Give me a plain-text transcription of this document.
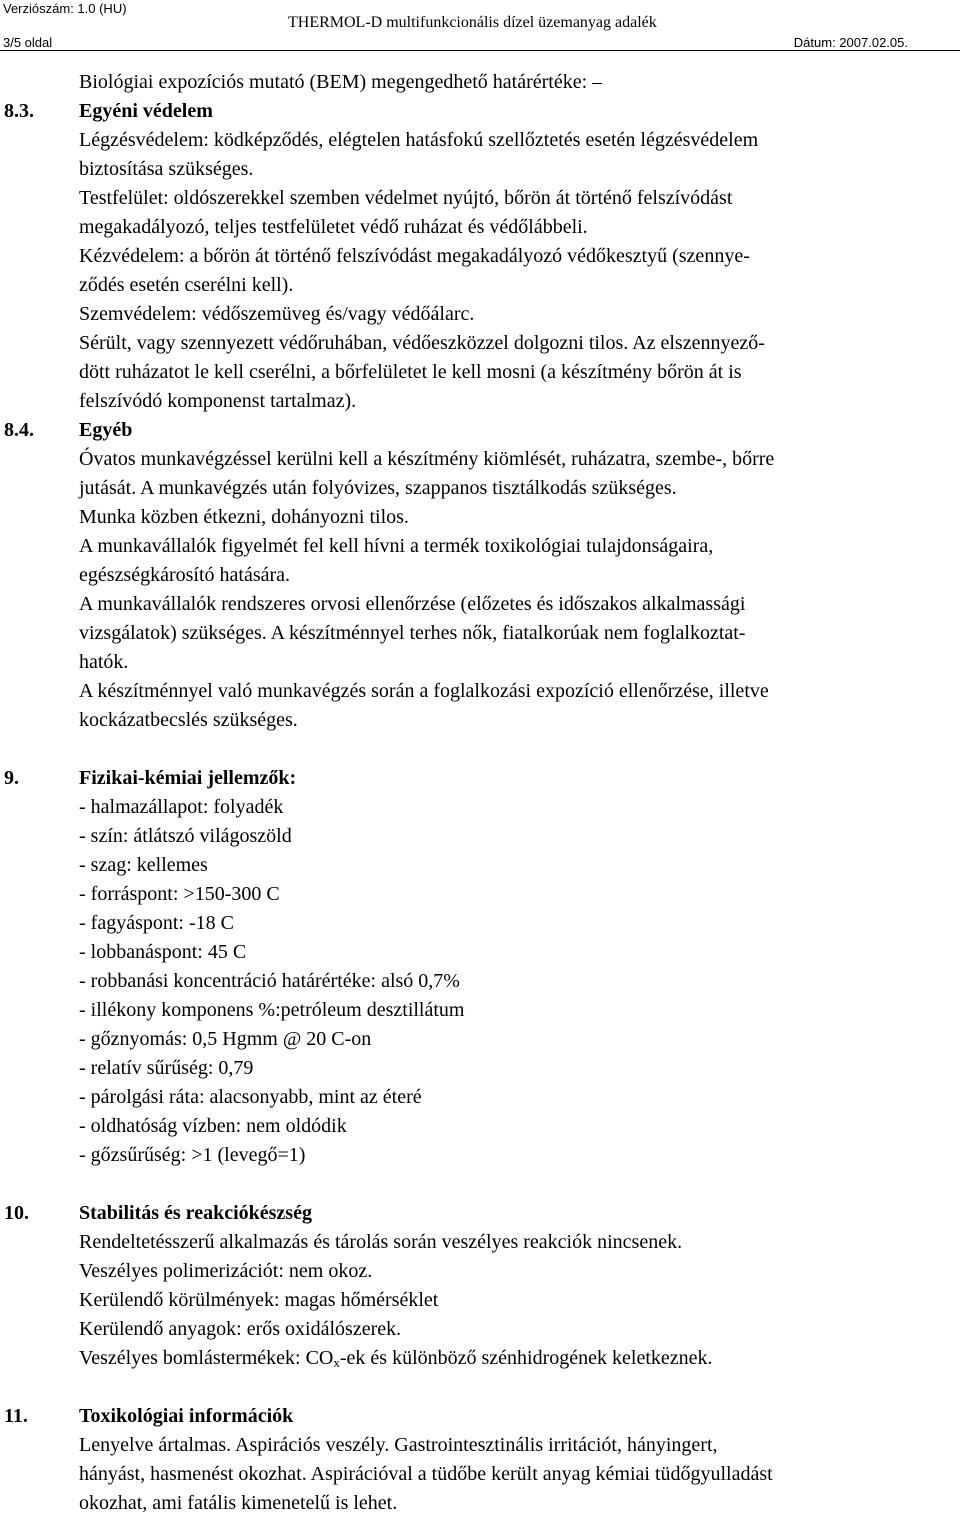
Verziószám: 1.0 (HU)
THERMOL-D multifunkcionális dízel üzemanyag adalék
3/5 oldal	Dátum: 2007.02.05.

Biológiai expozíciós mutató (BEM) megengedhető határértéke: –

8.3. Egyéni védelem

Légzésvédelem: ködképződés, elégtelen hatásfokú szellőztetés esetén légzésvédelem

biztosítása szükséges.

Testfelület: oldószerekkel szemben védelmet nyújtó, bőrön át történő felszívódást

megakadályozó, teljes testfelületet védő ruházat és védőlábbeli.

Kézvédelem: a bőrön át történő felszívódást megakadályozó védőkesztyű (szennye-

ződés esetén cserélni kell).

Szemvédelem: védőszemüveg és/vagy védőálarc.

Sérült, vagy szennyezett védőruhában, védőeszközzel dolgozni tilos. Az elszennyező-

dött ruházatot le kell cserélni, a bőrfelületet le kell mosni (a készítmény bőrön át is

felszívódó komponenst tartalmaz).

8.4. Egyéb

Óvatos munkavégzéssel kerülni kell a készítmény kiömlését, ruházatra, szembe-, bőrre

jutását. A munkavégzés után folyóvizes, szappanos tisztálkodás szükséges.

Munka közben étkezni, dohányozni tilos.

A munkavállalók figyelmét fel kell hívni a termék toxikológiai tulajdonságaira,

egészségkárosító hatására.

A munkavállalók rendszeres orvosi ellenőrzése (előzetes és időszakos alkalmassági

vizsgálatok) szükséges. A készítménnyel terhes nők, fiatalkorúak nem foglalkoztat-

hatók.

A készítménnyel való munkavégzés során a foglalkozási expozíció ellenőrzése, illetve

kockázatbecslés szükséges.

9.	Fizikai-kémiai jellemzők:

- halmazállapot: folyadék

- szín: átlátszó világoszöld

- szag: kellemes

- forráspont: >150-300 C

- fagyáspont: -18 C

- lobbanáspont: 45 C

- robbanási koncentráció határértéke: alsó 0,7%

- illékony komponens %:petróleum desztillátum

- gőznyomás: 0,5 Hgmm @ 20 C-on

- relatív sűrűség: 0,79

- párolgási ráta: alacsonyabb, mint az éteré

- oldhatóság vízben: nem oldódik

- gőzsűrűség: >1 (levegő=1)

10.	Stabilitás és reakciókészség

Rendeltetésszerű alkalmazás és tárolás során veszélyes reakciók nincsenek.

Veszélyes polimerizációt: nem okoz.

Kerülendő körülmények: magas hőmérséklet

Kerülendő anyagok: erős oxidálószerek.

Veszélyes bomlástermékek: $CO_x-ek$ és különböző szénhidrogének keletkeznek.

11.	Toxikológiai információk

Lenyelve ártalmas. Aspirációs veszély. Gastrointesztinális irritációt, hányingert,

hányást, hasmenést okozhat. Aspirációval a tüdőbe került anyag kémiai tüdőgyulladást

okozhat, ami fatális kimenetelű is lehet.
